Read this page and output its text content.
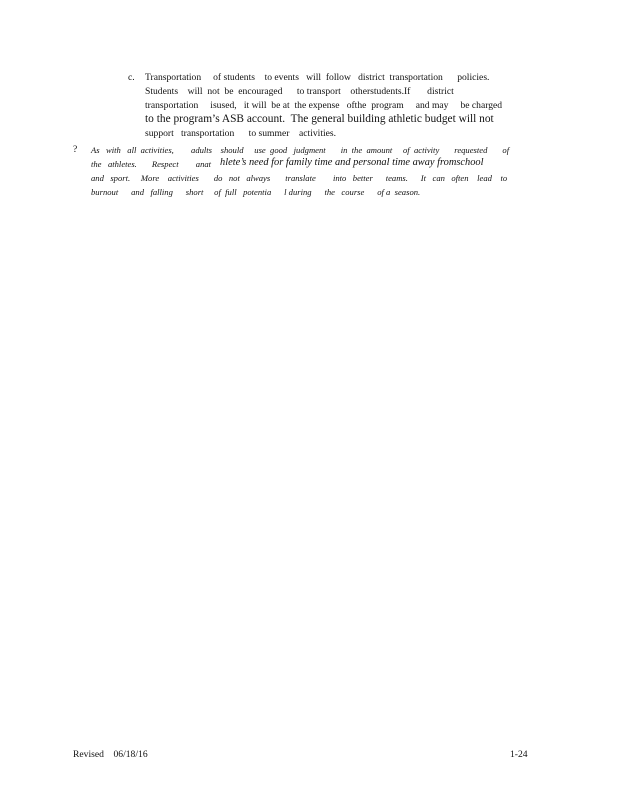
c. Transportation     of students    to events   will  follow   district  transportation      policies.
Students    will  not  be  encouraged      to transport    otherstudents.If       district
transportation     isused,   it will  be at  the expense   ofthe  program     and may     be charged
to the program’s ASB account.  The general building athletic budget will not
support   transportation      to summer    activities.
? As   with   all  activities,        adults    should     use  good   judgment       in  the  amount     of  activity       requested       of
the   athletes.       Respect        anat hlete’s need for family time and personal time away fromschool
and   sport.     More    activities       do   not   always       translate        into   better      teams.      It   can   often    lead    to
burnout      and   falling      short     of  full   potentia      l during      the   course      of a  season.
Revised    06/18/16	1-24
